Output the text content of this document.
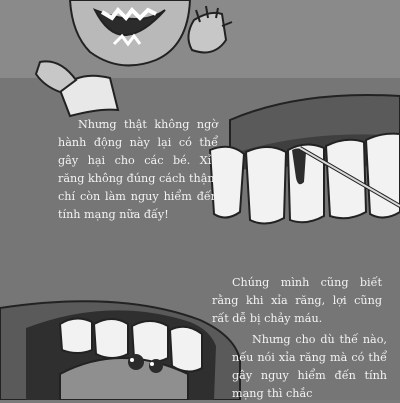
Nhưng thật không ngờ hành động này lại có thể gây hại cho các bé. Xỉa răng không đúng cách thậm chí còn làm nguy hiểm đến tính mạng nữa đấy!

Chúng mình cũng biết rằng khi xỉa răng, lợi cũng rất dễ bị chảy máu.

Nhưng cho dù thế nào, nếu nói xỉa răng mà có thể gây nguy hiểm đến tính mạng thì chắc
